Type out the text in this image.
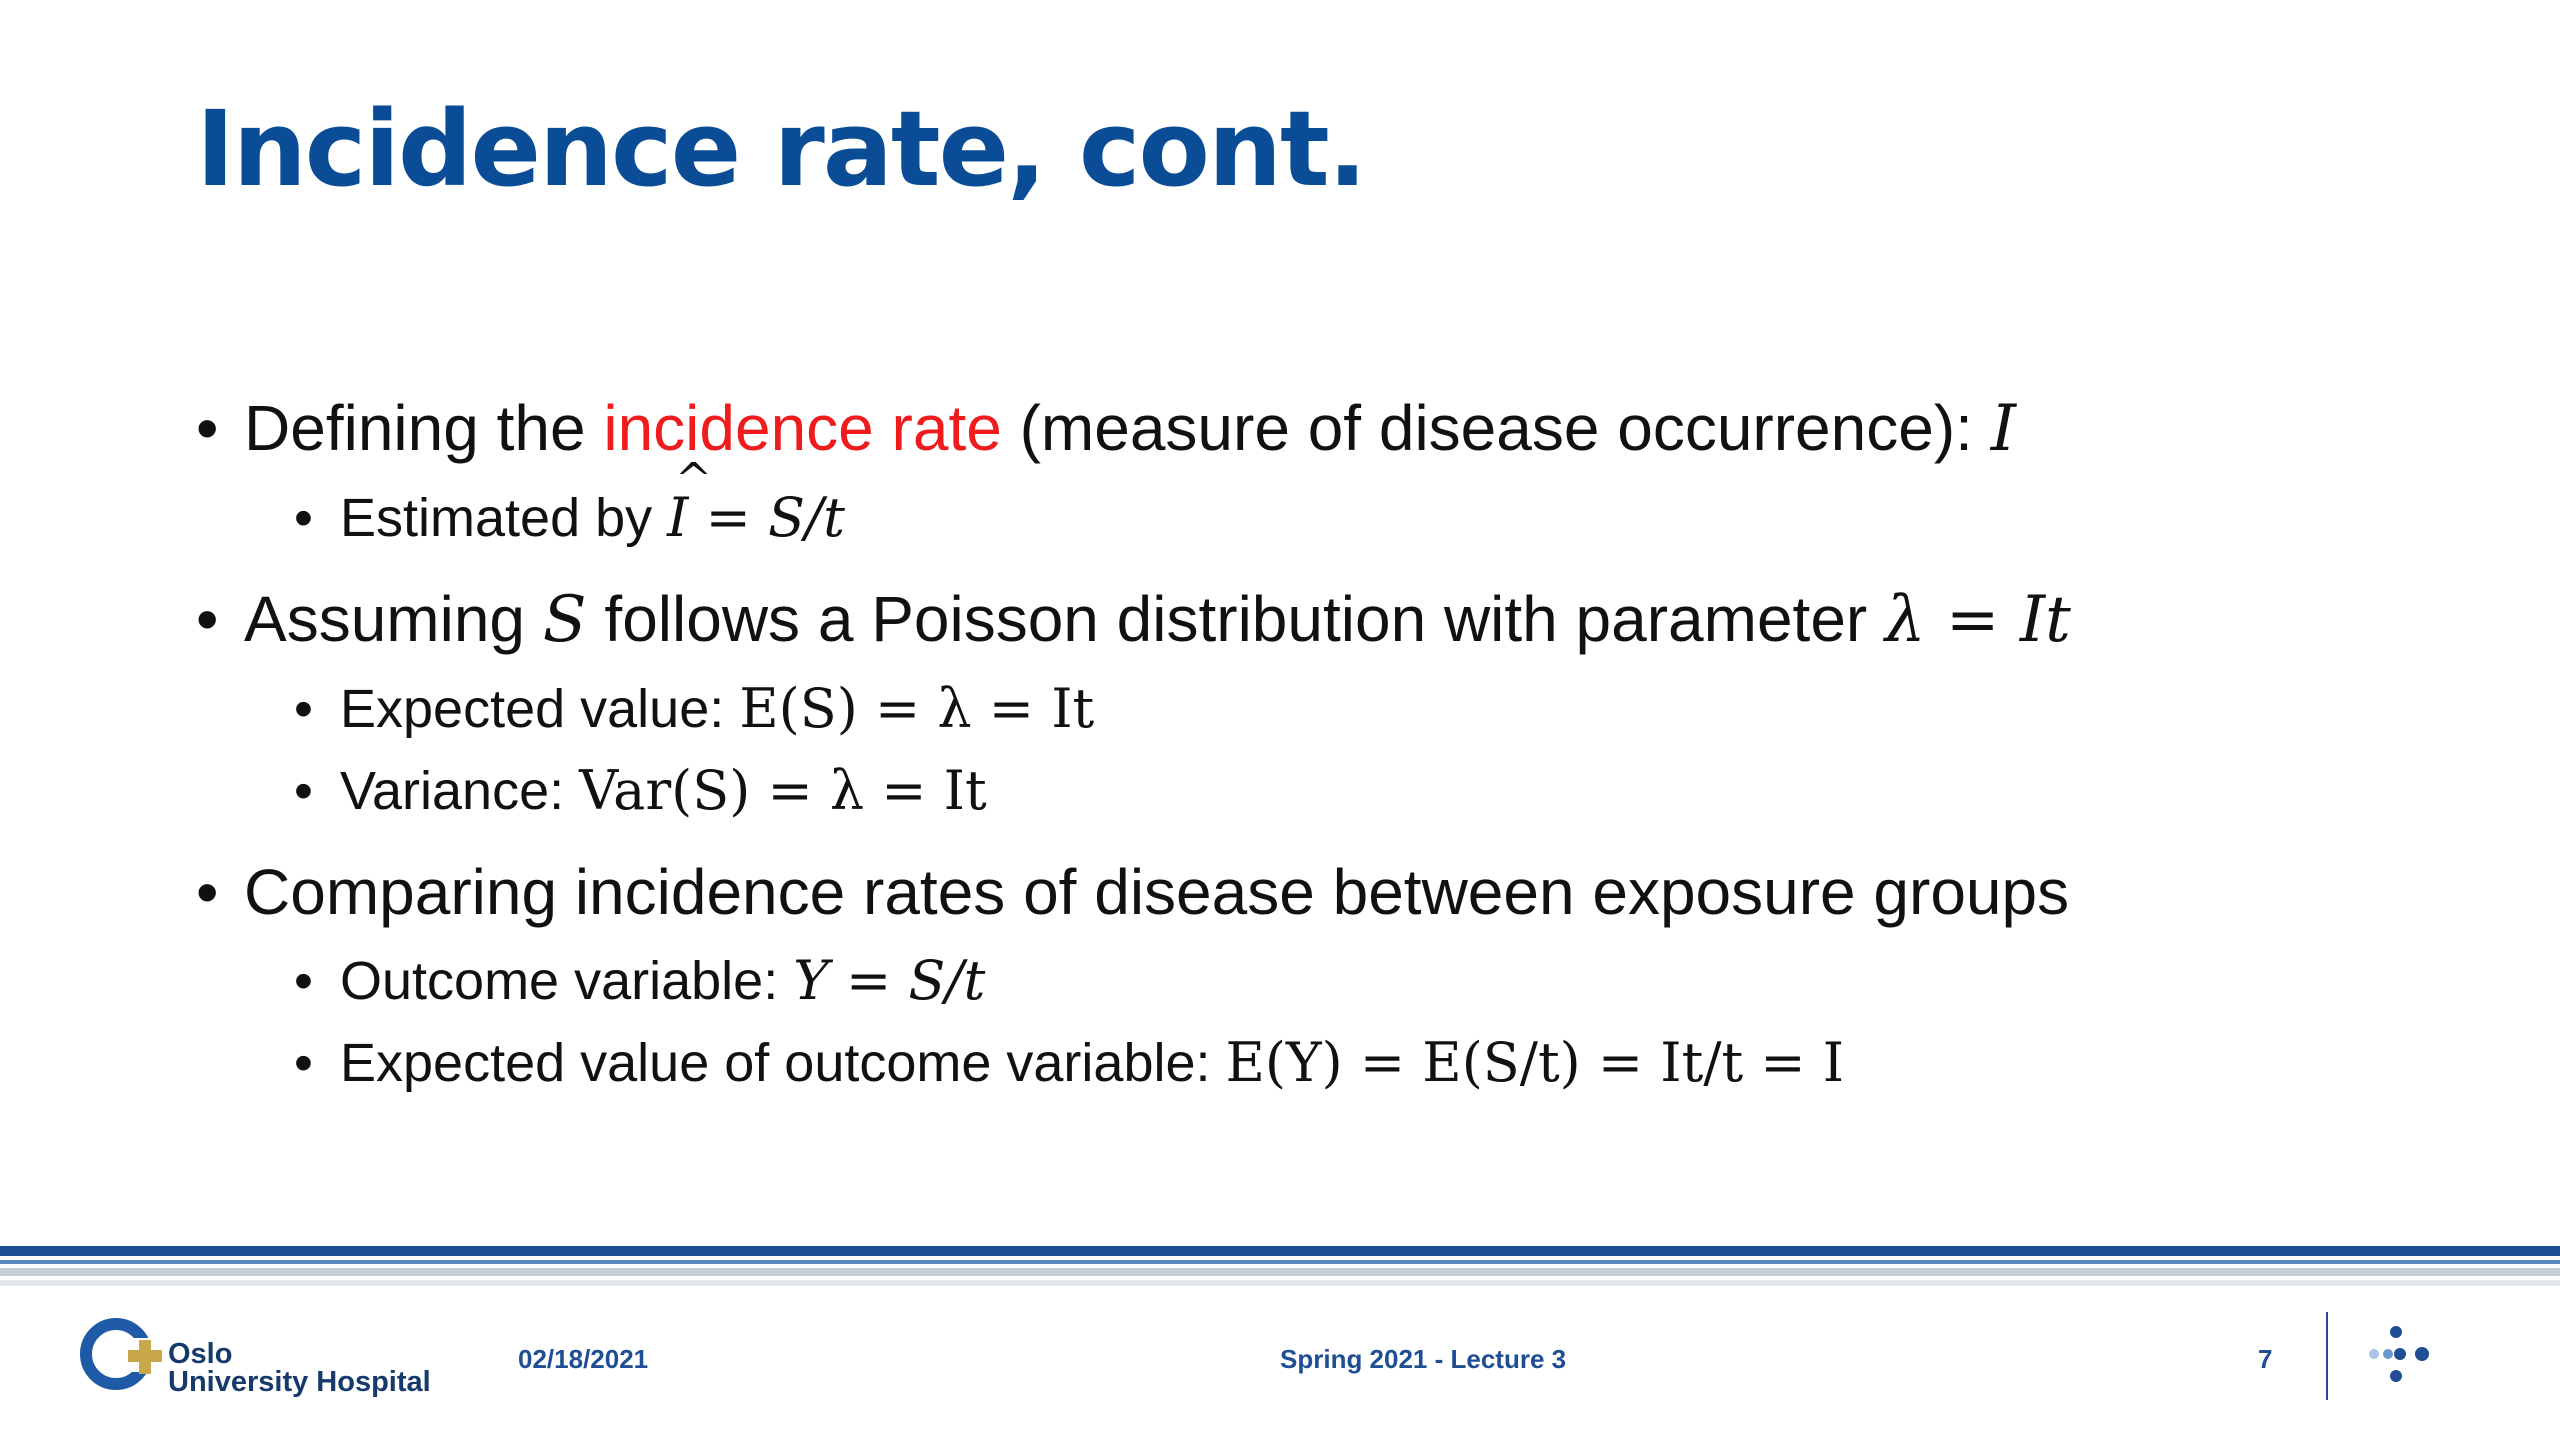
Incidence rate, cont.
• Defining the incidence rate (measure of disease occurrence): I
• Estimated by I ^ = S/t
• Assuming S follows a Poisson distribution with parameter λ = It
• Expected value: E(S) = λ = It
• Variance: Var(S) = λ = It
• Comparing incidence rates of disease between exposure groups
• Outcome variable: Y = S/t
• Expected value of outcome variable: E(Y) = E(S/t) = It/t = I
Oslo
University Hospital
02/18/2021	Spring 2021 - Lecture 3	7
